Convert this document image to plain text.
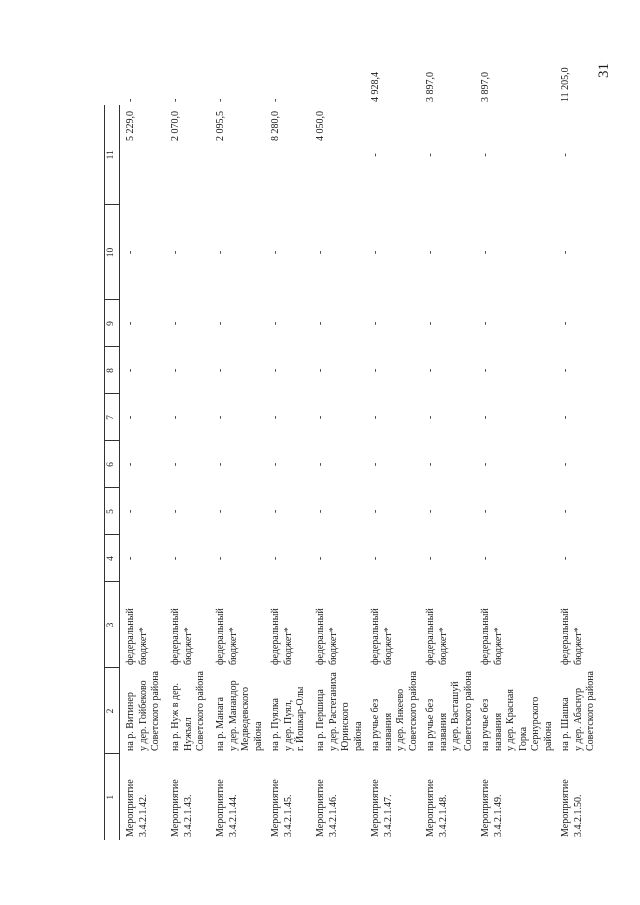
31
1	2	3	4	5	6	7	8	9	10	11	

Мероприятие 3.4.2.1.42.	на р. Витинер у дер. Гойбеково Советского района	федеральный бюджет*	-	-	-	-	-	-	-	5 229,0	-

Мероприятие 3.4.2.1.43.	на р. Нуж в дер. Нужъял Советского района	федеральный бюджет*	-	-	-	-	-	-	-	2 070,0	-

Мероприятие 3.4.2.1.44.	на р. Манага у дер. Манандор Медведевского района	федеральный бюджет*	-	-	-	-	-	-	-	2 095,5	-

Мероприятие 3.4.2.1.45.	на р. Пуялка у дер. Пуял, г. Йошкар-Олы	федеральный бюджет*	-	-	-	-	-	-	-	8 280,0	-

Мероприятие 3.4.2.1.46.	на р. Першица у дер. Растеганиха Юринского района	федеральный бюджет*	-	-	-	-	-	-	-	4 050,0	

Мероприятие 3.4.2.1.47.	на ручье без названия у дер. Янкеево Советского района	федеральный бюджет*	-	-	-	-	-	-	-	-	4 928,4

Мероприятие 3.4.2.1.48.	на ручье без названия у дер. Васташуй Советского района	федеральный бюджет*	-	-	-	-	-	-	-	-	3 897,0

Мероприятие 3.4.2.1.49.	на ручье без названия у дер. Красная Горка Сернурского района	федеральный бюджет*	-	-	-	-	-	-	-	-	3 897,0

Мероприятие 3.4.2.1.50.	на р. Шашка у дер. Абаснур Советского района	федеральный бюджет*	-	-	-	-	-	-	-	-	11 205,0
